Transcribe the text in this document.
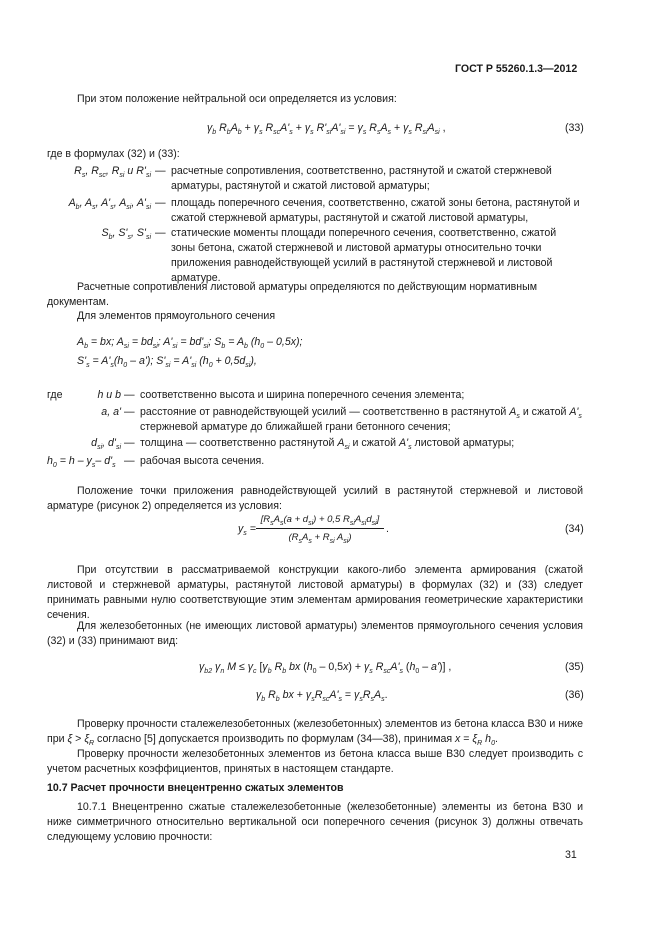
ГОСТ Р 55260.1.3—2012
При этом положение нейтральной оси определяется из условия:
$\gamma_b$ $R_bA_b + \gamma_s$ $R_{sc}A'_s + \gamma_s$ $R'_{si}A'_{si} = \gamma_s$ $R_sA_s + \gamma_s$ $R_{si}A_{si}$ ,	(33)
где в формулах (32) и (33):
$R_s$, $R_{sc}$, $R_{si}$ и $R'_{si}$ — расчетные сопротивления, соответственно, растянутой и сжатой стержневой арматуры, растянутой и сжатой листовой арматуры;
$A_b$, $A_s$, $A'_s$, $A_{si}$, $A'_{si}$ — площадь поперечного сечения, соответственно, сжатой зоны бетона, растянутой и сжатой стержневой арматуры, растянутой и сжатой листовой арматуры,
$S_b$, $S'_s$, $S'_{si}$ — статические моменты площади поперечного сечения, соответственно, сжатой зоны бетона, сжатой стержневой и листовой арматуры относительно точки приложения равнодействующей усилий в растянутой стержневой и листовой арматуре.
Расчетные сопротивления листовой арматуры определяются по действующим нормативным документам.
Для элементов прямоугольного сечения
$A_b$ = bx; $A_{si} = bd_{si}$; $A'_{si} = bd'_{si}$; $S_b = A_b$ $(h_0 - 0,5x)$;
$S'_s = A'_s(h_0 - a')$; $S'_{si} = A'_{si}$ $(h_0 + 0,5d_{si})$,
где	h и b — соответственно высота и ширина поперечного сечения элемента;
a, a' — расстояние от равнодействующей усилий — соответственно в растянутой $A_s$ и сжатой $A'_s$ стержневой арматуре до ближайшей грани бетонного сечения;
$d_{si}$, $d'_{si}$ — толщина — соответственно растянутой $A_{si}$ и сжатой $A'_s$ листовой арматуры;
$h_0 = h - y_s-$ $d'_s$ — рабочая высота сечения.
Положение точки приложения равнодействующей усилий в растянутой стержневой и листовой арматуре (рисунок 2) определяется из условия:
$y_s$ =
[$R_sA_s(a + d_{si}) + 0,5$ $R_{si}A_{si}d_{si}$]
($R_sA_s + R_{si}$ $A_{si}$)
.	(34)
При отсутствии в рассматриваемой конструкции какого-либо элемента армирования (сжатой листовой и стержневой арматуры, растянутой листовой арматуры) в формулах (32) и (33) следует принимать равными нулю соответствующие этим элементам армирования геометрические характеристики сечения.
Для железобетонных (не имеющих листовой арматуры) элементов прямоугольного сечения условия (32) и (33) принимают вид:
$\gamma_{b2}$ $\gamma_n$ $M \le \gamma_c$ [$\gamma_b$ $R_b$ bx $(h_0 - 0,5x) + \gamma_s$ $R_{sc}A'_s$ $(h_0 - a')$] ,	(35)
$\gamma_b$ $R_b$ bx + $\gamma_sR_{sc}A'_s = \gamma_sR_sA_s$.	(36)
Проверку прочности сталежелезобетонных (железобетонных) элементов из бетона класса В30 и ниже при $\xi > \xi_R$ согласно [5] допускается производить по формулам (34—38), принимая $x = \xi_R$ $h_0$.
Проверку прочности железобетонных элементов из бетона класса выше В30 следует производить с учетом расчетных коэффициентов, принятых в настоящем стандарте.
10.7 Расчет прочности внецентренно сжатых элементов
10.7.1 Внецентренно сжатые сталежелезобетонные (железобетонные) элементы из бетона В30 и ниже симметричного относительно вертикальной оси поперечного сечения (рисунок 3) должны отвечать следующему условию прочности:
31
